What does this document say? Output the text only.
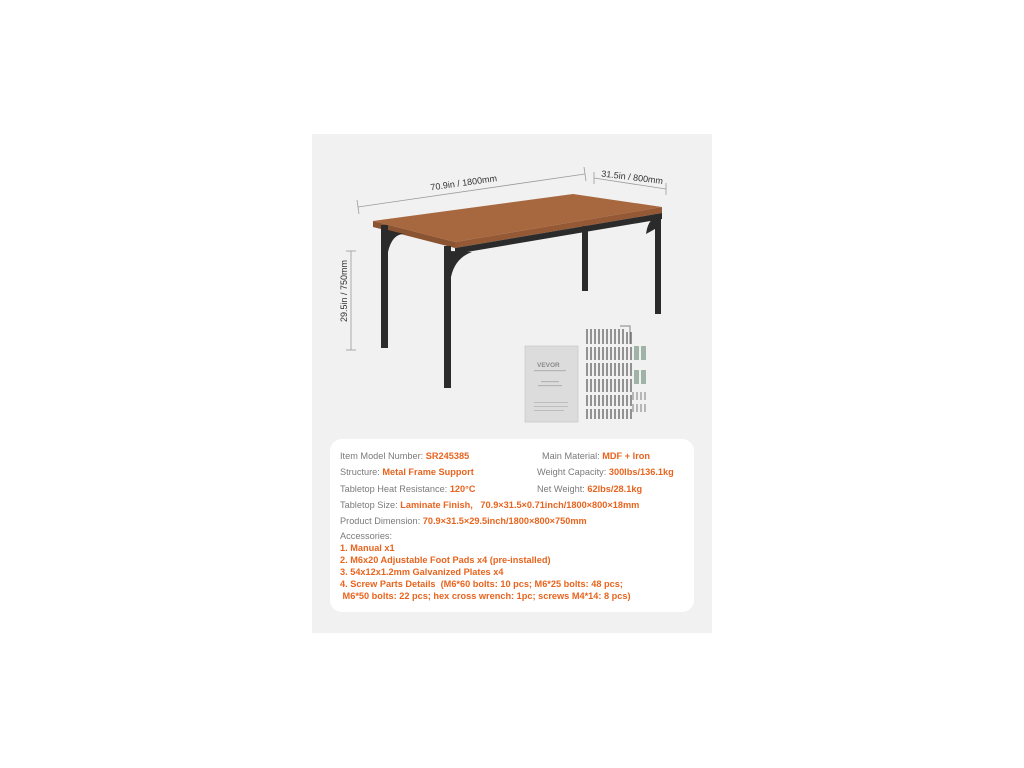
70.9in / 1800mm	31.5in / 800mm
29.5in / 750mm
VEVOR
Item Model Number: SR245385	Main Material: MDF + Iron
Structure: Metal Frame Support	Weight Capacity: 300lbs/136.1kg
Tabletop Heat Resistance: 120°C	Net Weight: 62lbs/28.1kg
Tabletop Size: Laminate Finish,   70.9×31.5×0.71inch/1800×800×18mm
Product Dimension: 70.9×31.5×29.5inch/1800×800×750mm
Accessories:
1. Manual x1
2. M6x20 Adjustable Foot Pads x4 (pre-installed)
3. 54x12x1.2mm Galvanized Plates x4
4. Screw Parts Details  (M6*60 bolts: 10 pcs; M6*25 bolts: 48 pcs;
M6*50 bolts: 22 pcs; hex cross wrench: 1pc; screws M4*14: 8 pcs)
